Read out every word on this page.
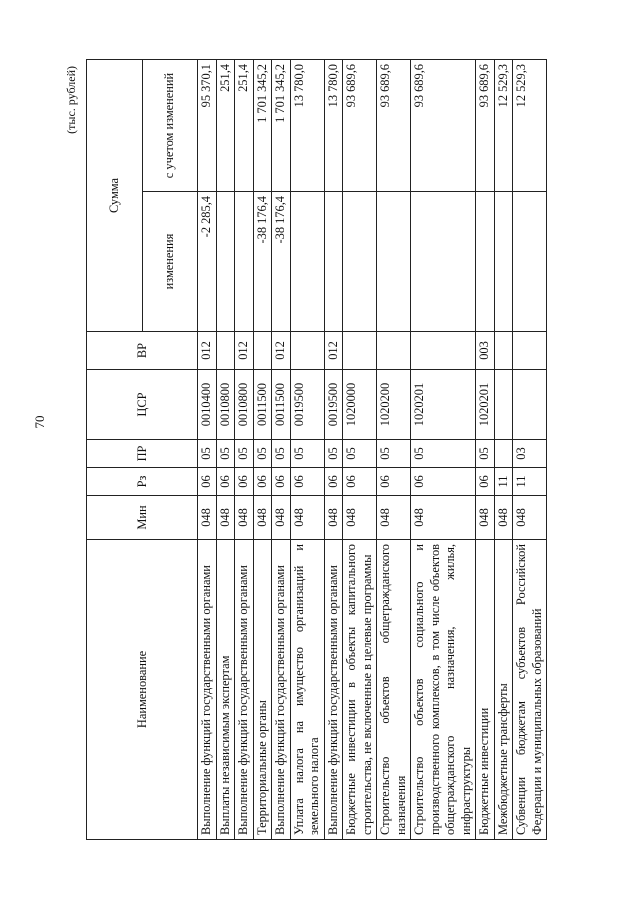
70
(тыс. рублей)
Наименование	Мин	Рз	ПР	ЦСР	ВР	Сумма	
						изменения	с учетом изменений
Выполнение функций государственными органами	048	06	05	0010400	012	-2 285,4	95 370,1
Выплаты независимым экспертам	048	06	05	0010800			251,4
Выполнение функций государственными органами	048	06	05	0010800	012		251,4
Территориальные органы	048	06	05	0011500		-38 176,4	1 701 345,2
Выполнение функций государственными органами	048	06	05	0011500	012	-38 176,4	1 701 345,2
Уплата налога на имущество организаций и земельного налога	048	06	05	0019500			13 780,0
Выполнение функций государственными органами	048	06	05	0019500	012		13 780,0
Бюджетные инвестиции в объекты капитального строительства, не включенные в целевые программы	048	06	05	1020000			93 689,6
Строительство объектов общегражданского назначения	048	06	05	1020200			93 689,6
Строительство объектов социального и производственного комплексов, в том числе объектов общегражданского назначения, жилья, инфраструктуры	048	06	05	1020201			93 689,6
Бюджетные инвестиции	048	06	05	1020201	003		93 689,6
Межбюджетные трансферты	048	11					12 529,3
Субвенции бюджетам субъектов Российской Федерации и муниципальных образований	048	11	03				12 529,3
